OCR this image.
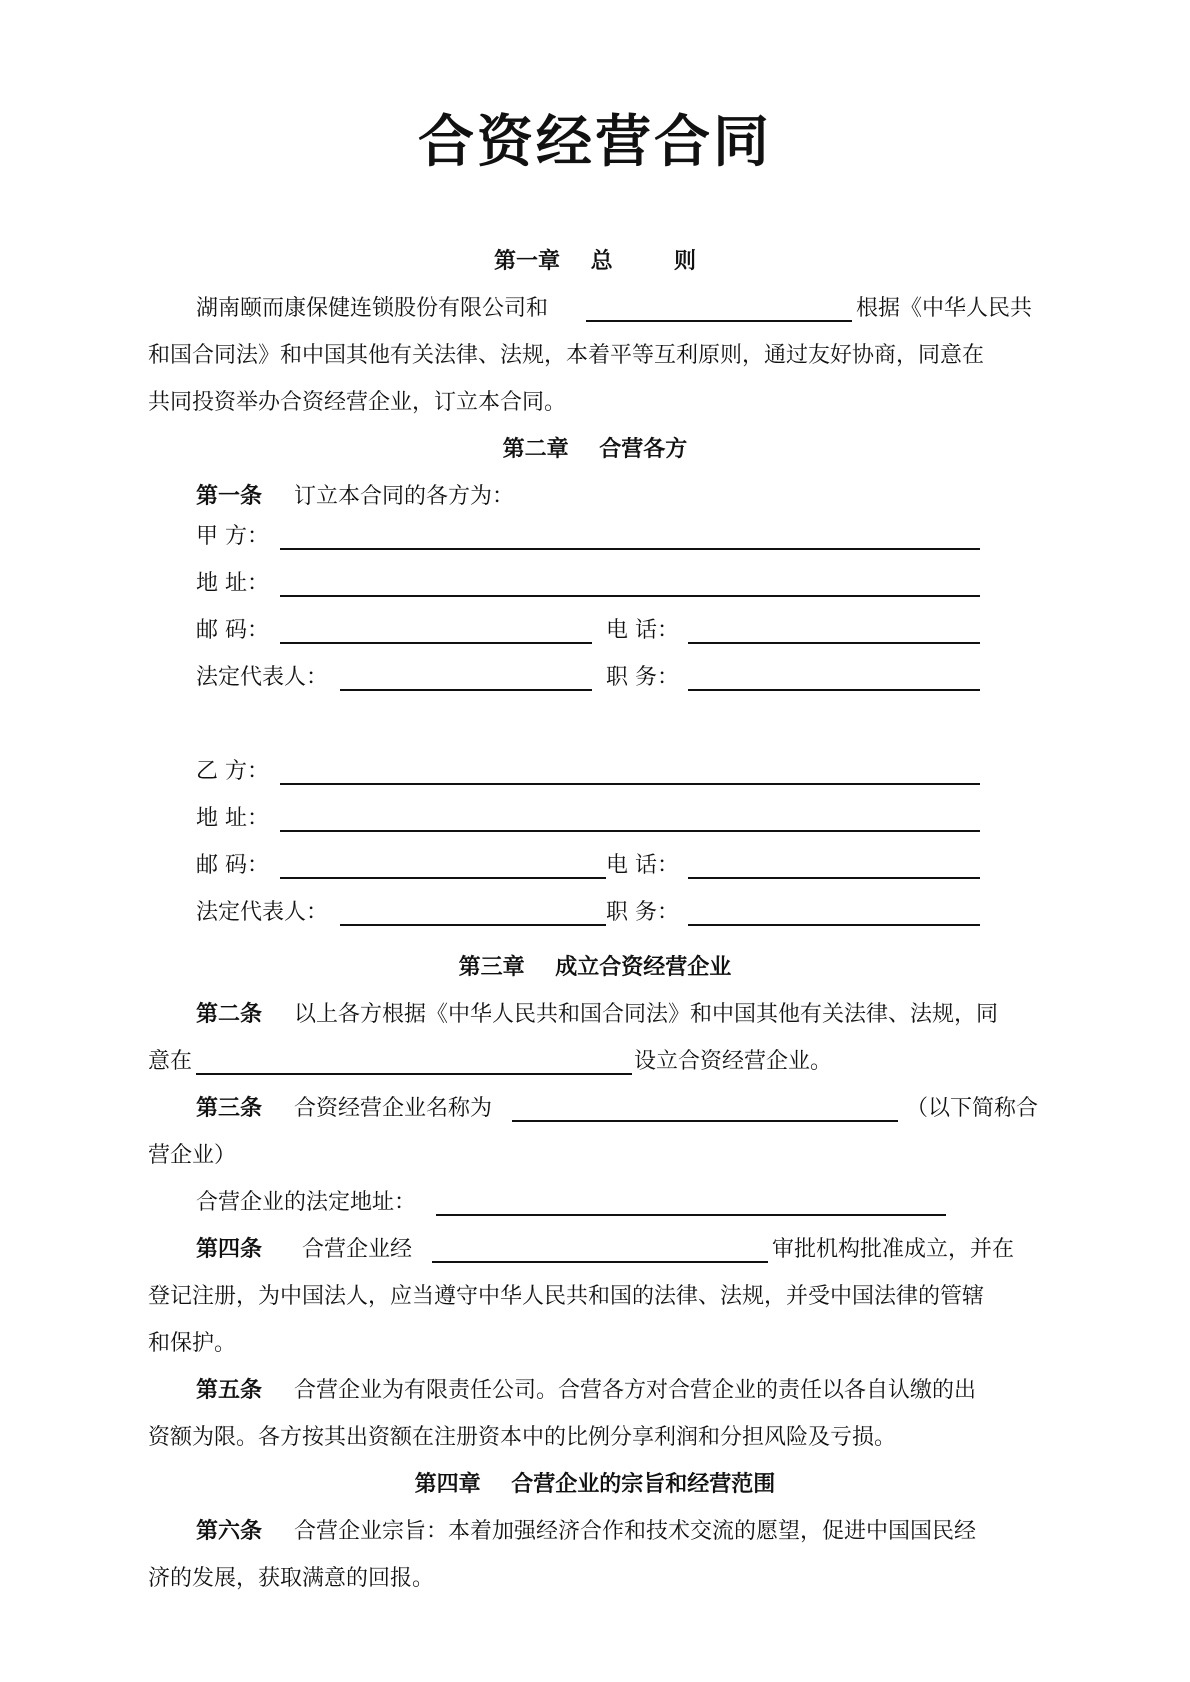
合资经营合同
第一章    总        则
湖南颐而康保健连锁股份有限公司和	根据《中华人民共
和国合同法》和中国其他有关法律、法规，本着平等互利原则，通过友好协商，同意在
共同投资举办合资经营企业，订立本合同。
第二章    合营各方
第一条 订立本合同的各方为：
甲 方：
地 址：
邮 码：	电 话：
法定代表人：	职 务：
乙 方：
地 址：
邮 码：	电 话：
法定代表人：	职 务：
第三章    成立合资经营企业
第二条 以上各方根据《中华人民共和国合同法》和中国其他有关法律、法规，同
意在	设立合资经营企业。
第三条 合资经营企业名称为	（以下简称合
营企业）
合营企业的法定地址：
第四条 合营企业经	审批机构批准成立，并在
登记注册，为中国法人，应当遵守中华人民共和国的法律、法规，并受中国法律的管辖
和保护。
第五条 合营企业为有限责任公司。合营各方对合营企业的责任以各自认缴的出
资额为限。各方按其出资额在注册资本中的比例分享利润和分担风险及亏损。
第四章    合营企业的宗旨和经营范围
第六条 合营企业宗旨：本着加强经济合作和技术交流的愿望，促进中国国民经
济的发展，获取满意的回报。
